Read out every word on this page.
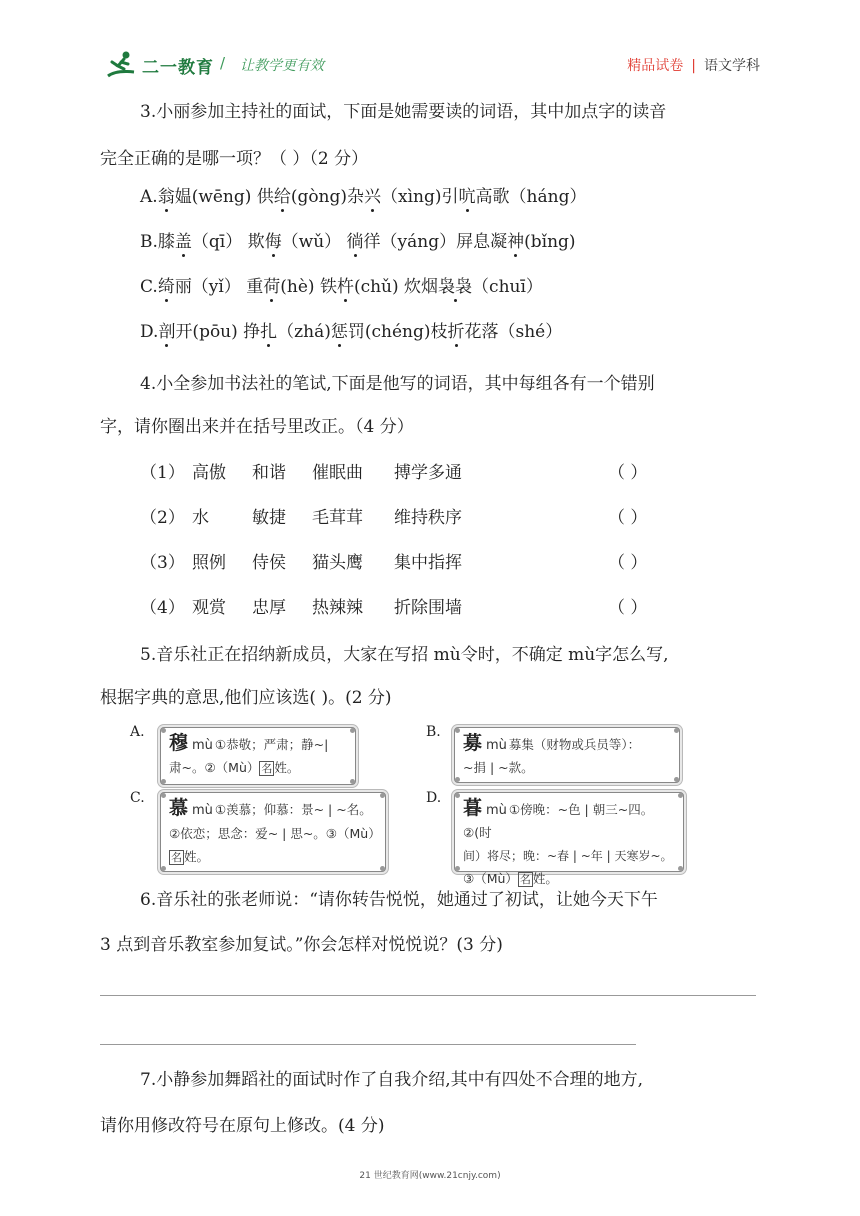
二一教育 / 让教学更有效	精品试卷 | 语文学科
3.小丽参加主持社的面试，下面是她需要读的词语，其中加点字的读音
完全正确的是哪一项？（ ）（2 分）
A.翁媪(wēng) 供给(gòng)杂兴（xìng)引吭高歌（háng）
B.膝盖（qī） 欺侮（wǔ） 徜徉（yáng）屏息凝神(bǐng)
C.绮丽（yǐ） 重荷(hè) 铁杵(chǔ) 炊烟袅袅（chuī）
D.剖开(pōu) 挣扎（zhá)惩罚(chéng)枝折花落（shé）
4.小全参加书法社的笔试,下面是他写的词语，其中每组各有一个错别
字，请你圈出来并在括号里改正。（4 分）
（1） 高傲 和谐 催眠曲 搏学多通	（ ）
（2） 水	敏捷 毛茸茸 维持秩序	（ ）
（3） 照例 侍侯 猫头鹰 集中指挥	（ ）
（4） 观赏 忠厚 热辣辣 折除围墙	（ ）
5.音乐社正在招纳新成员，大家在写招 mù令时，不确定 mù字怎么写,
根据字典的意思,他们应该选( )。(2 分)
A. 穆 mù ①恭敬；严肃；静~|
肃~。②（Mù） 名 姓。
B. 募 mù 募集（财物或兵员等）：
~捐 | ~款。
C. 慕 mù ①羡慕；仰慕：景~ | ~名。
②依恋；思念：爱~ | 思~。③（Mù）
名 姓。
D. 暮 mù ①傍晚：~色 | 朝三~四。②(时
间）将尽；晚：~春 | ~年 | 天寒岁~。
③（Mù） 名 姓。
6.音乐社的张老师说：“请你转告悦悦，她通过了初试，让她今天下午
3 点到音乐教室参加复试。”你会怎样对悦悦说？(3 分)
7.小静参加舞蹈社的面试时作了自我介绍,其中有四处不合理的地方,
请你用修改符号在原句上修改。(4 分)
21 世纪教育网(www.21cnjy.com)
